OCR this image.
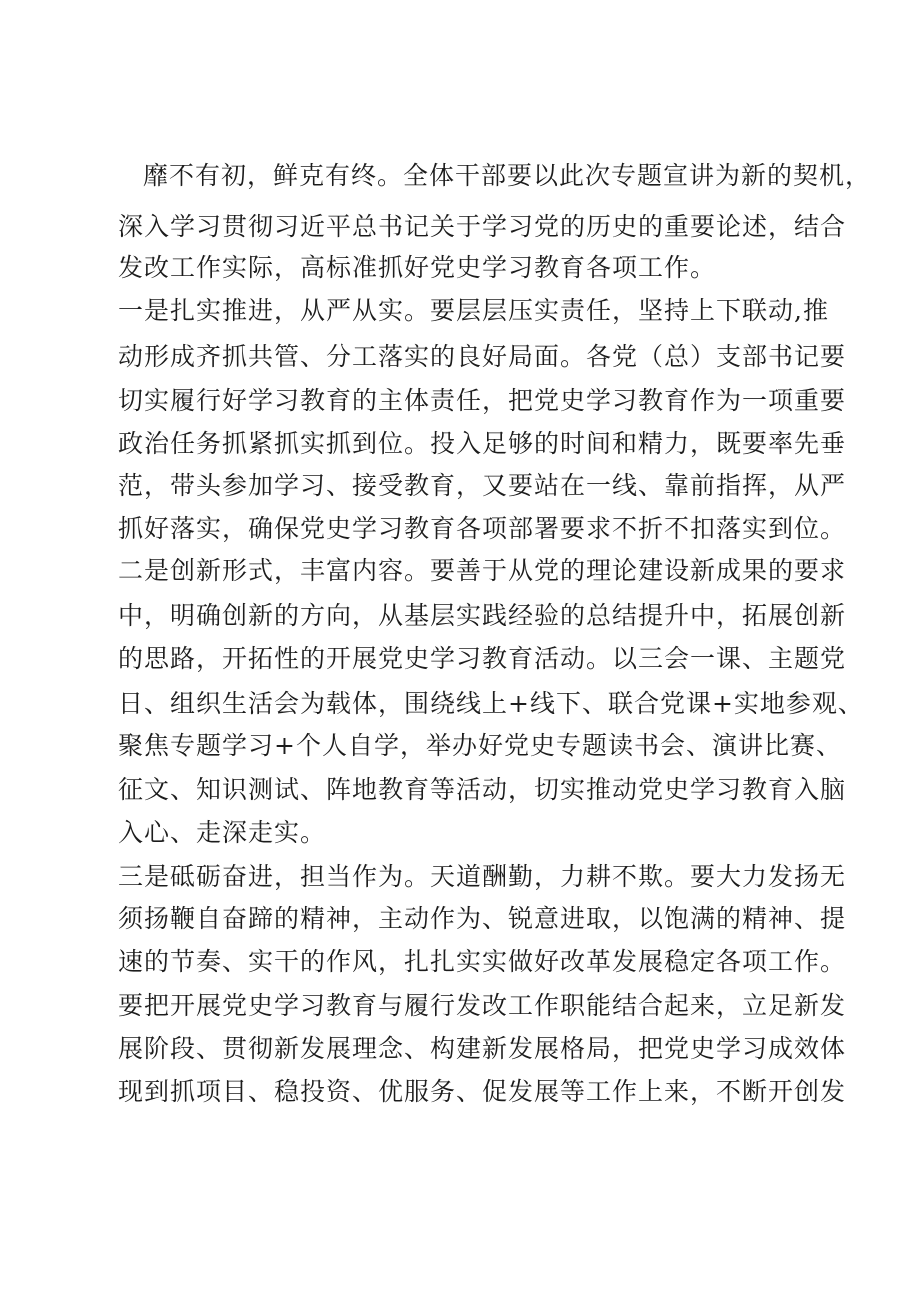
靡不有初，鲜克有终。全体干部要以此次专题宣讲为新的契机，
深入学习贯彻习近平总书记关于学习党的历史的重要论述，结合
发改工作实际，高标准抓好党史学习教育各项工作。
一是扎实推进，从严从实。要层层压实责任，坚持上下联动,推
动形成齐抓共管、分工落实的良好局面。各党（总）支部书记要
切实履行好学习教育的主体责任，把党史学习教育作为一项重要
政治任务抓紧抓实抓到位。投入足够的时间和精力，既要率先垂
范，带头参加学习、接受教育，又要站在一线、靠前指挥，从严
抓好落实，确保党史学习教育各项部署要求不折不扣落实到位。
二是创新形式，丰富内容。要善于从党的理论建设新成果的要求
中，明确创新的方向，从基层实践经验的总结提升中，拓展创新
的思路，开拓性的开展党史学习教育活动。以三会一课、主题党
日、组织生活会为载体，围绕线上+线下、联合党课+实地参观、
聚焦专题学习+个人自学，举办好党史专题读书会、演讲比赛、
征文、知识测试、阵地教育等活动，切实推动党史学习教育入脑
入心、走深走实。
三是砥砺奋进，担当作为。天道酬勤，力耕不欺。要大力发扬无
须扬鞭自奋蹄的精神，主动作为、锐意进取，以饱满的精神、提
速的节奏、实干的作风，扎扎实实做好改革发展稳定各项工作。
要把开展党史学习教育与履行发改工作职能结合起来，立足新发
展阶段、贯彻新发展理念、构建新发展格局，把党史学习成效体
现到抓项目、稳投资、优服务、促发展等工作上来，不断开创发
